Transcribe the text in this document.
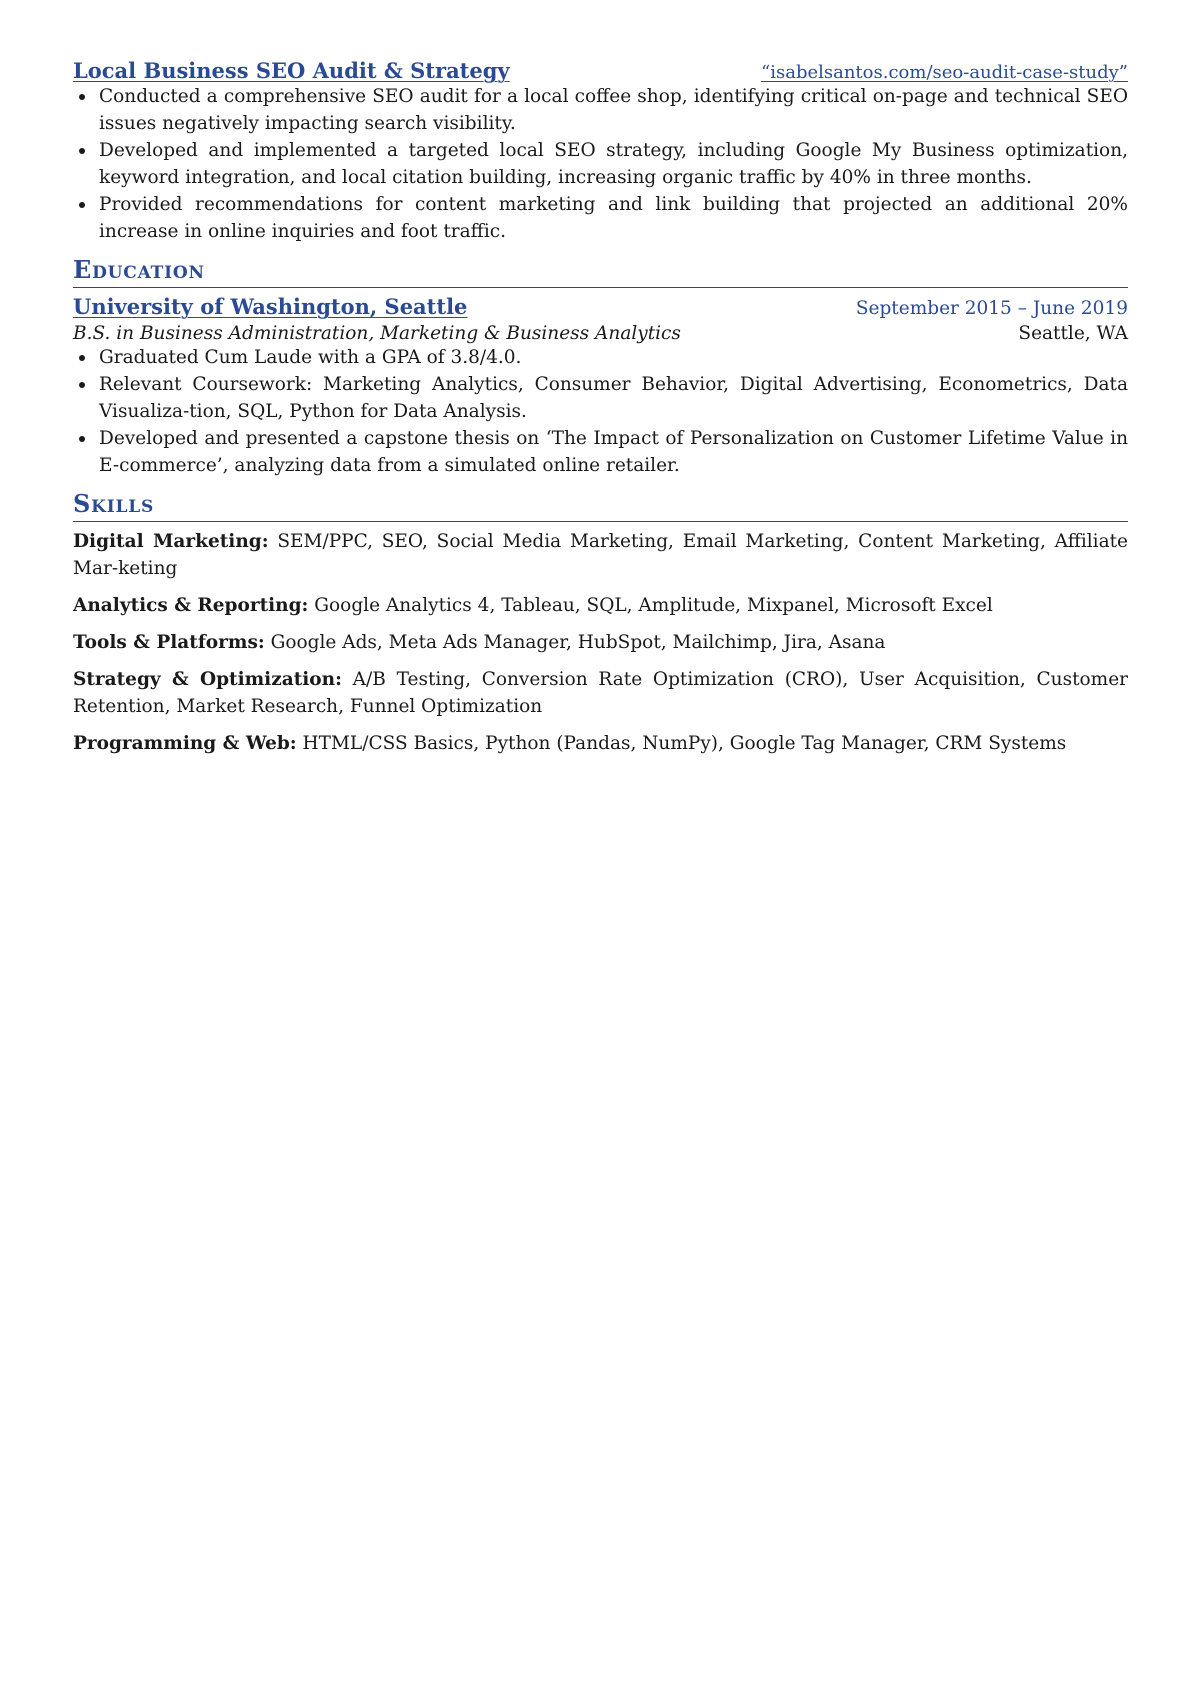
Local Business SEO Audit & Strategy	“isabelsantos.com/seo-audit-case-study”
Conducted a comprehensive SEO audit for a local coffee shop, identifying critical on-page and technical SEO issues negatively impacting search visibility.
Developed and implemented a targeted local SEO strategy, including Google My Business optimization, keyword integration, and local citation building, increasing organic traffic by 40% in three months.
Provided recommendations for content marketing and link building that projected an additional 20% increase in online inquiries and foot traffic.
Education
University of Washington, Seattle	September 2015 – June 2019
B.S. in Business Administration, Marketing & Business Analytics	Seattle, WA
Graduated Cum Laude with a GPA of 3.8/4.0.
Relevant Coursework: Marketing Analytics, Consumer Behavior, Digital Advertising, Econometrics, Data Visualiza-tion, SQL, Python for Data Analysis.
Developed and presented a capstone thesis on ‘The Impact of Personalization on Customer Lifetime Value in E-commerce’, analyzing data from a simulated online retailer.
Skills
Digital Marketing: SEM/PPC, SEO, Social Media Marketing, Email Marketing, Content Marketing, Affiliate Mar-keting
Analytics & Reporting: Google Analytics 4, Tableau, SQL, Amplitude, Mixpanel, Microsoft Excel
Tools & Platforms: Google Ads, Meta Ads Manager, HubSpot, Mailchimp, Jira, Asana
Strategy & Optimization: A/B Testing, Conversion Rate Optimization (CRO), User Acquisition, Customer Retention, Market Research, Funnel Optimization
Programming & Web: HTML/CSS Basics, Python (Pandas, NumPy), Google Tag Manager, CRM Systems
